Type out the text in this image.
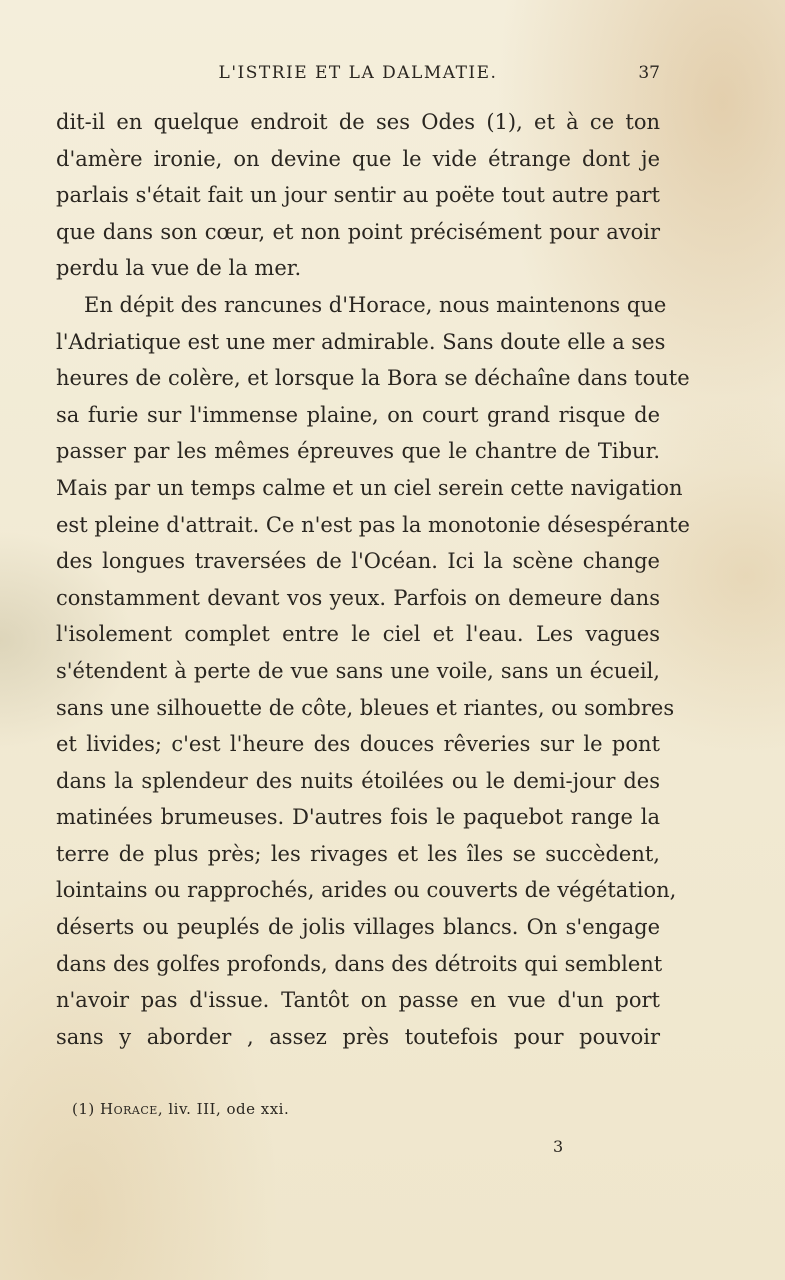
L'ISTRIE ET LA DALMATIE.	37

dit-il en quelque endroit de ses Odes (1), et à ce ton
d'amère ironie, on devine que le vide étrange dont je
parlais s'était fait un jour sentir au poëte tout autre part
que dans son cœur, et non point précisément pour avoir
perdu la vue de la mer.

En dépit des rancunes d'Horace, nous maintenons que
l'Adriatique est une mer admirable. Sans doute elle a ses
heures de colère, et lorsque la Bora se déchaîne dans toute
sa furie sur l'immense plaine, on court grand risque de
passer par les mêmes épreuves que le chantre de Tibur.
Mais par un temps calme et un ciel serein cette navigation
est pleine d'attrait. Ce n'est pas la monotonie désespérante
des longues traversées de l'Océan. Ici la scène change
constamment devant vos yeux. Parfois on demeure dans
l'isolement complet entre le ciel et l'eau. Les vagues
s'étendent à perte de vue sans une voile, sans un écueil,
sans une silhouette de côte, bleues et riantes, ou sombres
et livides; c'est l'heure des douces rêveries sur le pont
dans la splendeur des nuits étoilées ou le demi-jour des
matinées brumeuses. D'autres fois le paquebot range la
terre de plus près; les rivages et les îles se succèdent,
lointains ou rapprochés, arides ou couverts de végétation,
déserts ou peuplés de jolis villages blancs. On s'engage
dans des golfes profonds, dans des détroits qui semblent
n'avoir pas d'issue. Tantôt on passe en vue d'un port
sans y aborder , assez près toutefois pour pouvoir

(1) Horace, liv. III, ode xxi.
3
